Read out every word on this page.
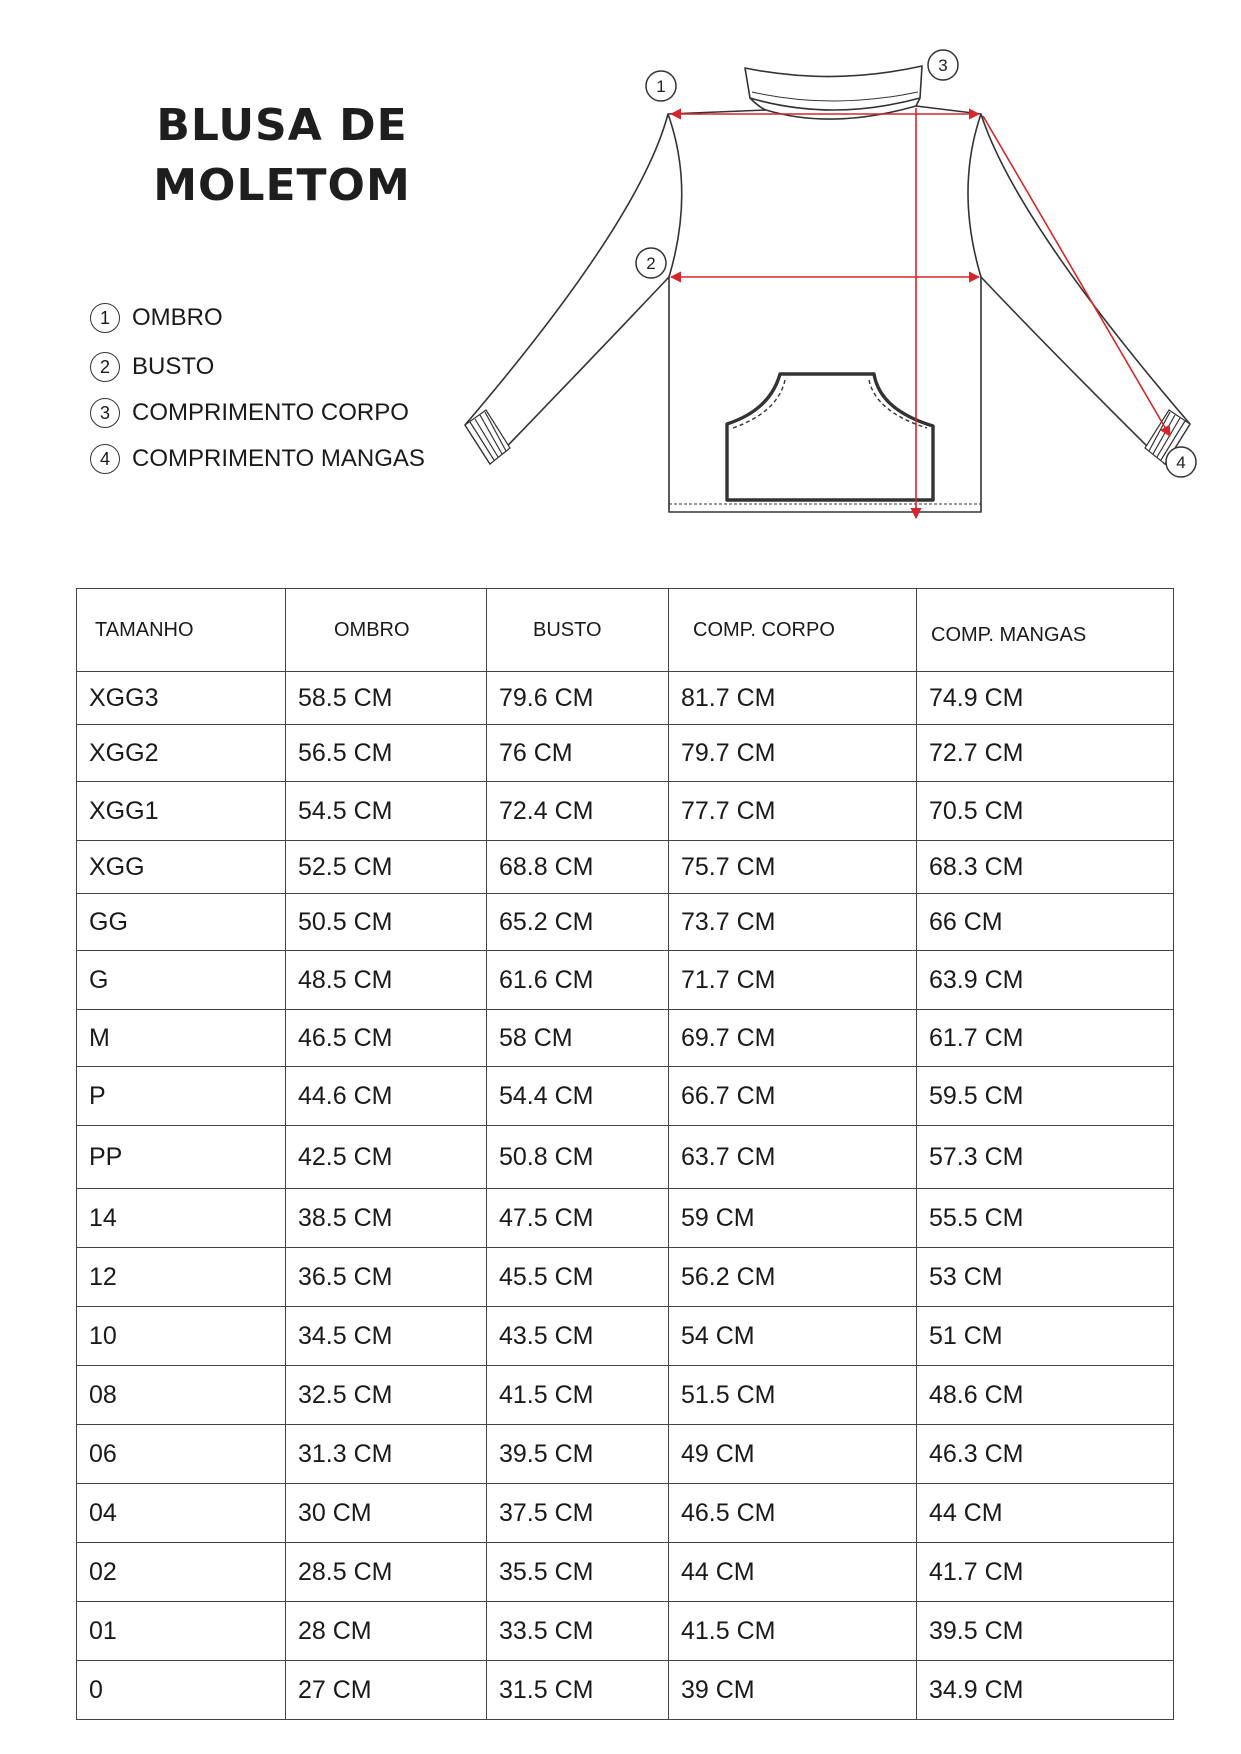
BLUSA DE
MOLETOM
1 OMBRO
2 BUSTO
3 COMPRIMENTO CORPO
4 COMPRIMENTO MANGAS
1
2
3
4
TAMANHO	OMBRO	BUSTO	COMP. CORPO	COMP. MANGAS
XGG3	58.5 CM	79.6 CM	81.7 CM	74.9 CM
XGG2	56.5 CM	76 CM	79.7 CM	72.7 CM
XGG1	54.5 CM	72.4 CM	77.7 CM	70.5 CM
XGG	52.5 CM	68.8 CM	75.7 CM	68.3 CM
GG	50.5 CM	65.2 CM	73.7 CM	66 CM
G	48.5 CM	61.6 CM	71.7 CM	63.9 CM
M	46.5 CM	58 CM	69.7 CM	61.7 CM
P	44.6 CM	54.4 CM	66.7 CM	59.5 CM
PP	42.5 CM	50.8 CM	63.7 CM	57.3 CM
14	38.5 CM	47.5 CM	59 CM	55.5 CM
12	36.5 CM	45.5 CM	56.2 CM	53 CM
10	34.5 CM	43.5 CM	54 CM	51 CM
08	32.5 CM	41.5 CM	51.5 CM	48.6 CM
06	31.3 CM	39.5 CM	49 CM	46.3 CM
04	30 CM	37.5 CM	46.5 CM	44 CM
02	28.5 CM	35.5 CM	44 CM	41.7 CM
01	28 CM	33.5 CM	41.5 CM	39.5 CM
0	27 CM	31.5 CM	39 CM	34.9 CM
